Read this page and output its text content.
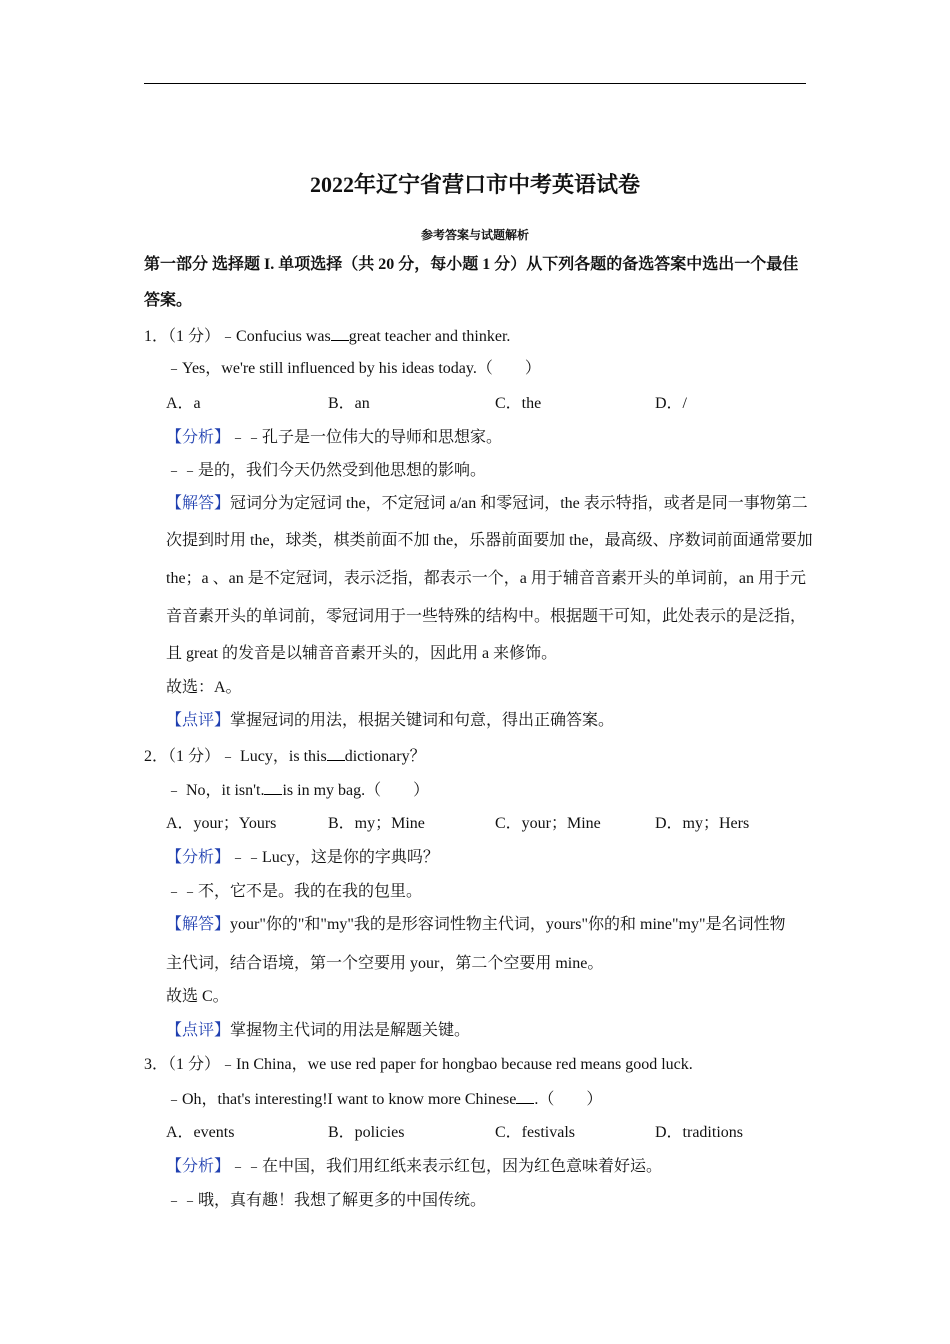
2022年辽宁省营口市中考英语试卷
参考答案与试题解析
第一部分 选择题 I. 单项选择（共 20 分，每小题 1 分）从下列各题的备选答案中选出一个最佳
答案。
1．（1 分）﹣Confucius was great teacher and thinker.
﹣Yes，we're still influenced by his ideas today.（　　）
A．a	B．an	C．the	D．/
【分析】﹣﹣孔子是一位伟大的导师和思想家。
﹣﹣是的，我们今天仍然受到他思想的影响。
【解答】冠词分为定冠词 the，不定冠词 a/an 和零冠词，the 表示特指，或者是同一事物第二
次提到时用 the，球类，棋类前面不加 the，乐器前面要加 the，最高级、序数词前面通常要加
the；a 、an 是不定冠词，表示泛指，都表示一个，a 用于辅音音素开头的单词前，an 用于元
音音素开头的单词前，零冠词用于一些特殊的结构中。根据题干可知，此处表示的是泛指，
且 great 的发音是以辅音音素开头的，因此用 a 来修饰。
故选：A。
【点评】掌握冠词的用法，根据关键词和句意，得出正确答案。
2．（1 分）﹣ Lucy，is this dictionary？
﹣ No，it isn't. is in my bag.（　　）
A．your；Yours	B．my；Mine	C．your；Mine	D．my；Hers
【分析】﹣﹣Lucy，这是你的字典吗？
﹣﹣不，它不是。我的在我的包里。
【解答】your"你的"和"my"我的是形容词性物主代词，yours"你的和 mine"my"是名词性物
主代词，结合语境，第一个空要用 your，第二个空要用 mine。
故选 C。
【点评】掌握物主代词的用法是解题关键。
3．（1 分）﹣In China，we use red paper for hongbao because red means good luck.
﹣Oh，that's interesting!I want to know more Chinese .（　　）
A．events	B．policies	C．festivals	D．traditions
【分析】﹣﹣在中国，我们用红纸来表示红包，因为红色意味着好运。
﹣﹣哦，真有趣！我想了解更多的中国传统。
